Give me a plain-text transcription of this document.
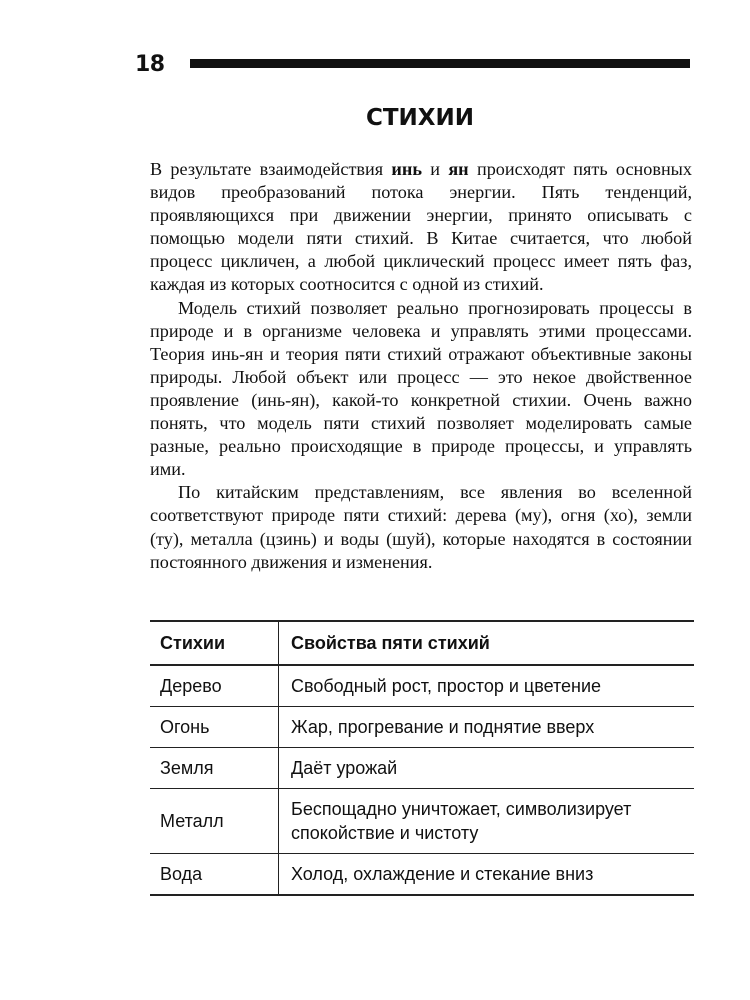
18
СТИХИИ

В результате взаимодействия инь и ян происходят пять основных видов преобразований потока энергии. Пять тенденций, проявляющихся при движении энергии, принято описывать с помощью модели пяти стихий. В Китае считается, что любой процесс цикличен, а любой циклический процесс имеет пять фаз, каждая из которых соотносится с одной из стихий.

Модель стихий позволяет реально прогнозировать процессы в природе и в организме человека и управлять этими процессами. Теория инь-ян и теория пяти стихий отражают объективные законы природы. Любой объект или процесс — это некое двойственное проявление (инь-ян), какой-то конкретной стихии. Очень важно понять, что модель пяти стихий позволяет моделировать самые разные, реально происходящие в природе процессы, и управлять ими.

По китайским представлениям, все явления во вселенной соответствуют природе пяти стихий: дерева (му), огня (хо), земли (ту), металла (цзинь) и воды (шуй), которые находятся в состоянии постоянного движения и изменения.

Стихии	Свойства пяти стихий
Дерево	Свободный рост, простор и цветение
Огонь	Жар, прогревание и поднятие вверх
Земля	Даёт урожай
Металл	Беспощадно уничтожает, символизирует спокойствие и чистоту
Вода	Холод, охлаждение и стекание вниз
